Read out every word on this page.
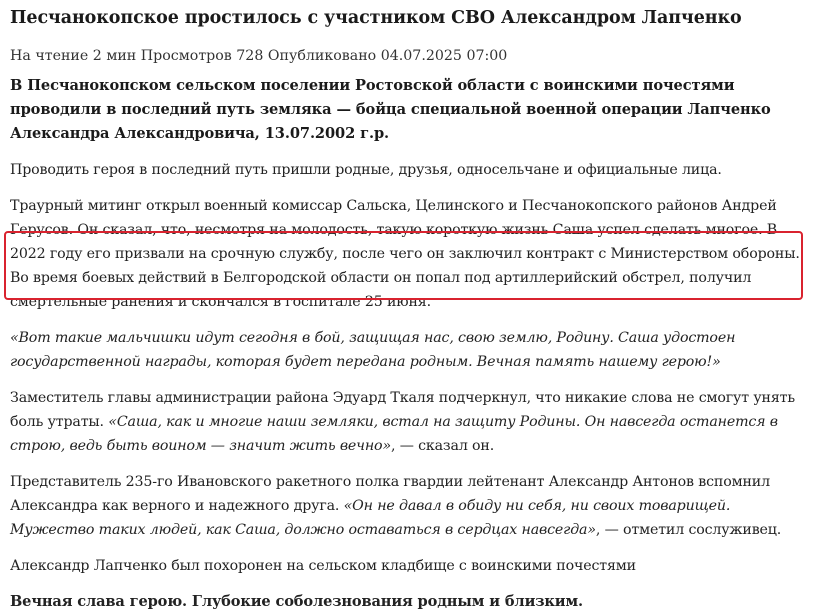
Песчанокопское простилось с участником СВО Александром Лапченко
На чтение 2 мин Просмотров 728 Опубликовано 04.07.2025 07:00

В Песчанокопском сельском поселении Ростовской области с воинскими почестями проводили в последний путь земляка — бойца специальной военной операции Лапченко Александра Александровича, 13.07.2002 г.р.

Проводить героя в последний путь пришли родные, друзья, односельчане и официальные лица.

Траурный митинг открыл военный комиссар Сальска, Целинского и Песчанокопского районов Андрей Герусов. Он сказал, что, несмотря на молодость, такую короткую жизнь Саша успел сделать многое. В 2022 году его призвали на срочную службу, после чего он заключил контракт с Министерством обороны. Во время боевых действий в Белгородской области он попал под артиллерийский обстрел, получил смертельные ранения и скончался в госпитале 25 июня.

«Вот такие мальчишки идут сегодня в бой, защищая нас, свою землю, Родину. Саша удостоен государственной награды, которая будет передана родным. Вечная память нашему герою!»

Заместитель главы администрации района Эдуард Ткаля подчеркнул, что никакие слова не смогут унять боль утраты. «Саша, как и многие наши земляки, встал на защиту Родины. Он навсегда останется в строю, ведь быть воином — значит жить вечно», — сказал он.

Представитель 235-го Ивановского ракетного полка гвардии лейтенант Александр Антонов вспомнил Александра как верного и надежного друга. «Он не давал в обиду ни себя, ни своих товарищей. Мужество таких людей, как Саша, должно оставаться в сердцах навсегда», — отметил сослуживец.

Александр Лапченко был похоронен на сельском кладбище с воинскими почестями

Вечная слава герою. Глубокие соболезнования родным и близким.
